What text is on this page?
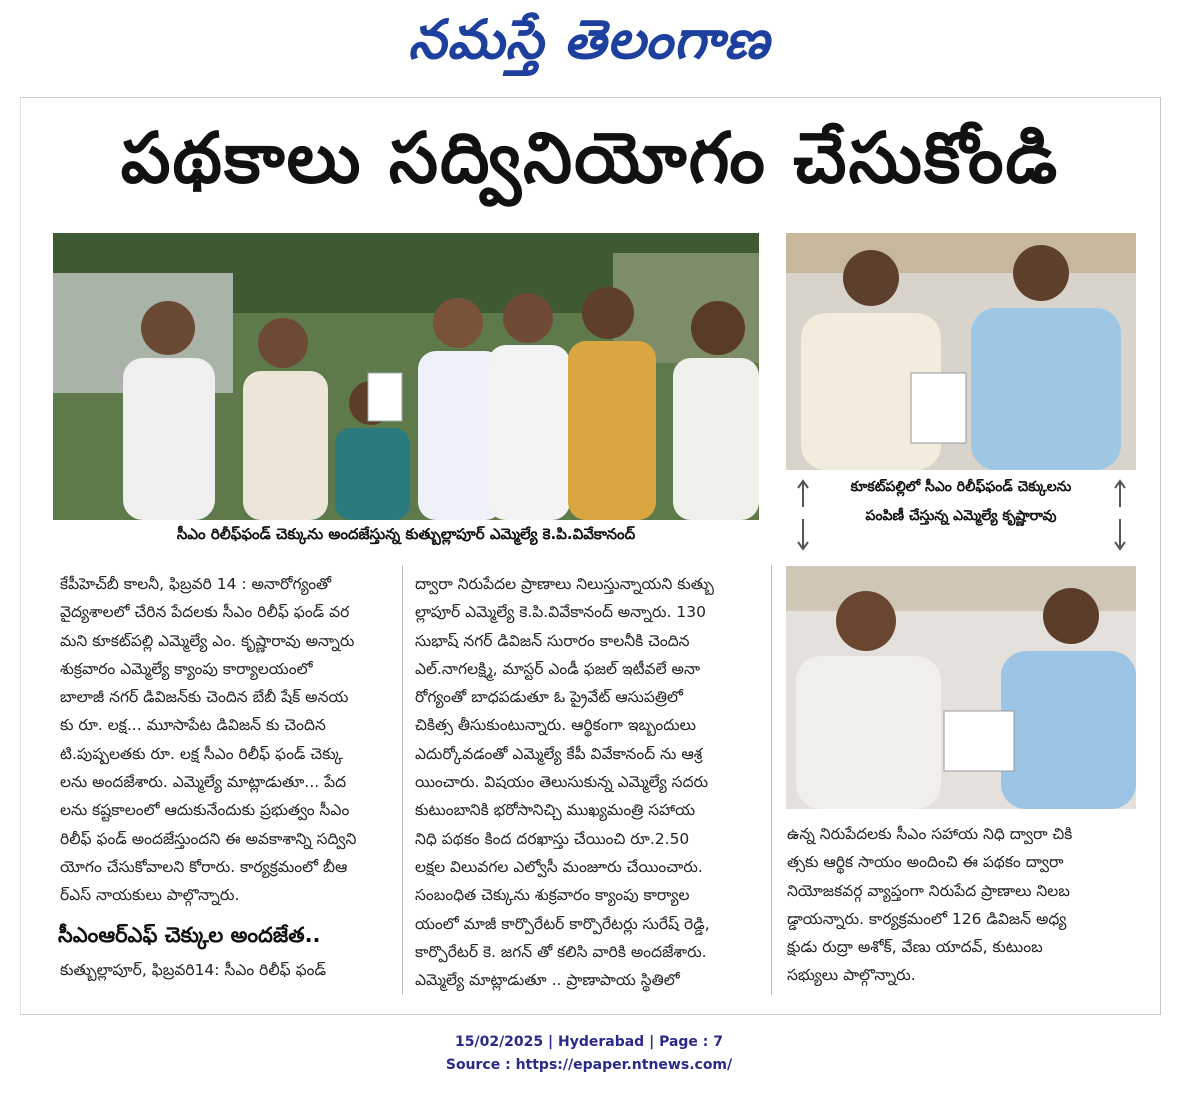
నమస్తే తెలంగాణ
పథకాలు సద్వినియోగం చేసుకోండి
సీఎం రిలీఫ్‌ఫండ్ చెక్కును అందజేస్తున్న కుత్బుల్లాపూర్ ఎమ్మెల్యే కె.పి.వివేకానంద్
కూకట్‌పల్లిలో సీఎం రిలీఫ్‌ఫండ్ చెక్కులను
పంపిణీ చేస్తున్న ఎమ్మెల్యే కృష్ణారావు

కేపీహెచ్‌బీ కాలనీ, ఫిబ్రవరి 14 : అనారోగ్యంతో

వైద్యశాలలో చేరిన పేదలకు సీఎం రిలీఫ్ ఫండ్ వర

మని కూకట్‌పల్లి ఎమ్మెల్యే ఎం. కృష్ణారావు అన్నారు

శుక్రవారం ఎమ్మెల్యే క్యాంపు కార్యాలయంలో

బాలాజీ నగర్ డివిజన్‌కు చెందిన బేబీ షేక్ అనయ

కు రూ. లక్ష... మూసాపేట డివిజన్ కు చెందిన

టి.పుష్పలతకు రూ. లక్ష సీఎం రిలీఫ్ ఫండ్ చెక్కు

లను అందజేశారు. ఎమ్మెల్యే మాట్లాడుతూ... పేద

లను కష్టకాలంలో ఆదుకునేందుకు ప్రభుత్వం సీఎం

రిలీఫ్ ఫండ్ అందజేస్తుందని ఈ అవకాశాన్ని సద్విని

యోగం చేసుకోవాలని కోరారు. కార్యక్రమంలో బీఆ

ర్ఎస్ నాయకులు పాల్గొన్నారు.

సీఎంఆర్‌ఎఫ్ చెక్కుల అందజేత..

కుత్బుల్లాపూర్, ఫిబ్రవరి14: సీఎం రిలీఫ్ ఫండ్

ద్వారా నిరుపేదల ప్రాణాలు నిలుస్తున్నాయని కుత్బు

ల్లాపూర్ ఎమ్మెల్యే కె.పి.వివేకానంద్ అన్నారు. 130

సుభాష్ నగర్ డివిజన్ సురారం కాలనీకి చెందిన

ఎల్.నాగలక్ష్మి, మాస్టర్ ఎండీ ఫజల్ ఇటీవలే అనా

రోగ్యంతో బాధపడుతూ ఓ ప్రైవేట్ ఆసుపత్రిలో

చికిత్స తీసుకుంటున్నారు. ఆర్థికంగా ఇబ్బందులు

ఎదుర్కోవడంతో ఎమ్మెల్యే కేపీ వివేకానంద్ ను ఆశ్ర

యించారు. విషయం తెలుసుకున్న ఎమ్మెల్యే సదరు

కుటుంబానికి భరోసానిచ్చి ముఖ్యమంత్రి సహాయ

నిధి పథకం కింద దరఖాస్తు చేయించి రూ.2.50

లక్షల విలువగల ఎల్వోసీ మంజూరు చేయించారు.

సంబంధిత చెక్కును శుక్రవారం క్యాంపు కార్యాల

యంలో మాజీ కార్పొరేటర్ కార్పొరేటర్లు సురేష్ రెడ్డి,

కార్పొరేటర్ కె. జగన్ తో కలిసి వారికి అందజేశారు.

ఎమ్మెల్యే మాట్లాడుతూ .. ప్రాణాపాయ స్థితిలో

ఉన్న నిరుపేదలకు సీఎం సహాయ నిధి ద్వారా చికి

త్సకు ఆర్థిక సాయం అందించి ఈ పథకం ద్వారా

నియోజకవర్గ వ్యాప్తంగా నిరుపేద ప్రాణాలు నిలబ

డ్డాయన్నారు. కార్యక్రమంలో 126 డివిజన్ అధ్య

క్షుడు రుద్రా అశోక్, వేణు యాదవ్, కుటుంబ

సభ్యులు పాల్గొన్నారు.

15/02/2025 | Hyderabad | Page : 7
Source : https://epaper.ntnews.com/
